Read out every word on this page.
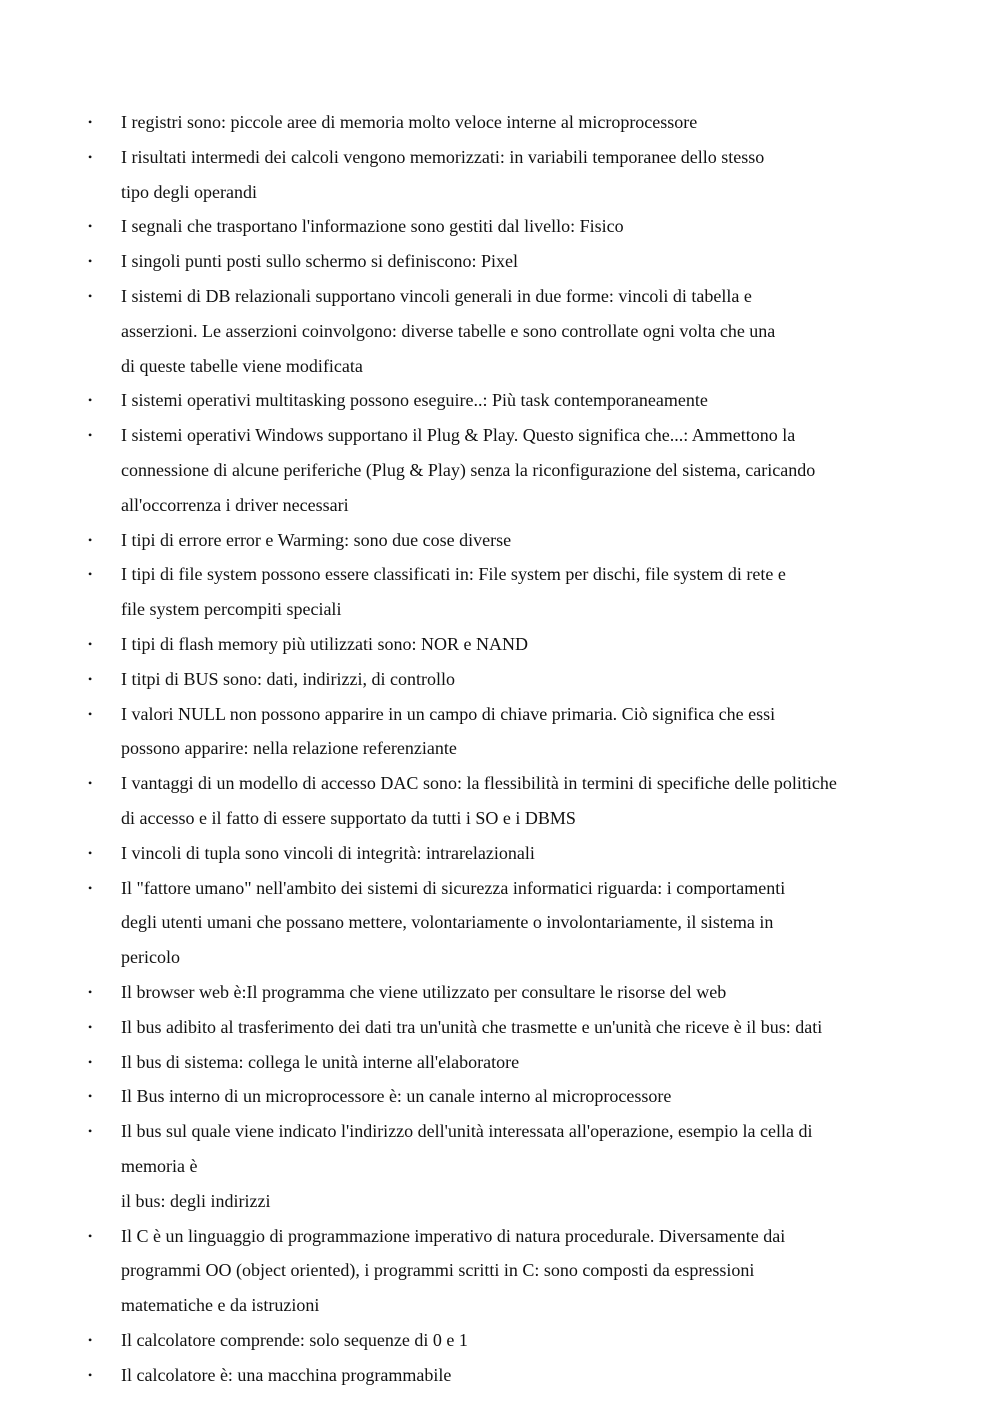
• I registri sono: piccole aree di memoria molto veloce interne al microprocessore
• I risultati intermedi dei calcoli vengono memorizzati: in variabili temporanee dello stesso
tipo degli operandi
• I segnali che trasportano l'informazione sono gestiti dal livello: Fisico
• I singoli punti posti sullo schermo si definiscono: Pixel
• I sistemi di DB relazionali supportano vincoli generali in due forme: vincoli di tabella e
asserzioni. Le asserzioni coinvolgono: diverse tabelle e sono controllate ogni volta che una
di queste tabelle viene modificata
• I sistemi operativi multitasking possono eseguire..: Più task contemporaneamente
• I sistemi operativi Windows supportano il Plug & Play. Questo significa che...: Ammettono la
connessione di alcune periferiche (Plug & Play) senza la riconfigurazione del sistema, caricando
all'occorrenza i driver necessari
• I tipi di errore error e Warming: sono due cose diverse
• I tipi di file system possono essere classificati in: File system per dischi, file system di rete e
file system percompiti speciali
• I tipi di flash memory più utilizzati sono: NOR e NAND
• I titpi di BUS sono: dati, indirizzi, di controllo
• I valori NULL non possono apparire in un campo di chiave primaria. Ciò significa che essi
possono apparire: nella relazione referenziante
• I vantaggi di un modello di accesso DAC sono: la flessibilità in termini di specifiche delle politiche
di accesso e il fatto di essere supportato da tutti i SO e i DBMS
• I vincoli di tupla sono vincoli di integrità: intrarelazionali
• Il "fattore umano" nell'ambito dei sistemi di sicurezza informatici riguarda: i comportamenti
degli utenti umani che possano mettere, volontariamente o involontariamente, il sistema in
pericolo
• Il browser web è:Il programma che viene utilizzato per consultare le risorse del web
• Il bus adibito al trasferimento dei dati tra un'unità che trasmette e un'unità che riceve è il bus: dati
• Il bus di sistema: collega le unità interne all'elaboratore
• Il Bus interno di un microprocessore è: un canale interno al microprocessore
• Il bus sul quale viene indicato l'indirizzo dell'unità interessata all'operazione, esempio la cella di
memoria è
il bus: degli indirizzi
• Il C è un linguaggio di programmazione imperativo di natura procedurale. Diversamente dai
programmi OO (object oriented), i programmi scritti in C: sono composti da espressioni
matematiche e da istruzioni
• Il calcolatore comprende: solo sequenze di 0 e 1
• Il calcolatore è: una macchina programmabile
